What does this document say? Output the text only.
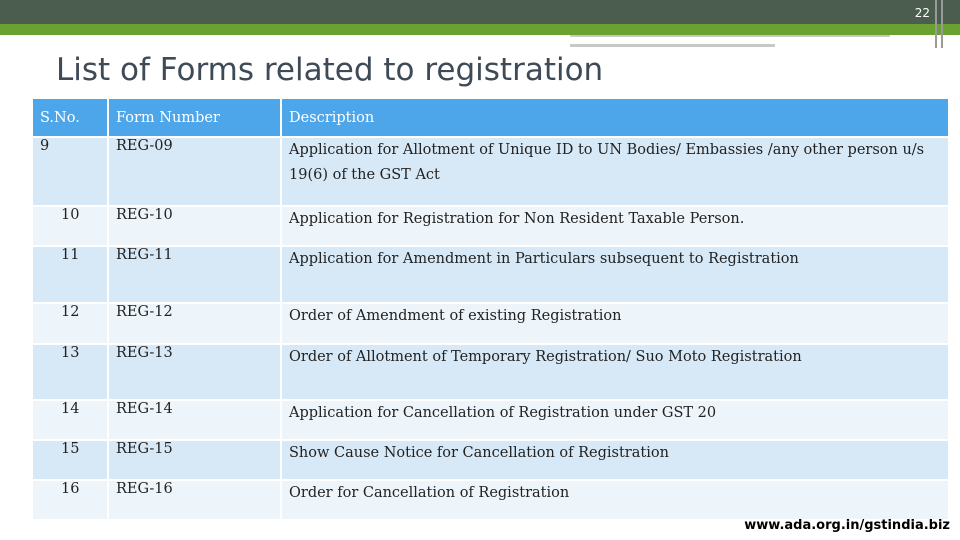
22
List of Forms related to registration
S.No.	Form Number	Description
9	REG-09	Application for Allotment of Unique ID to UN Bodies/ Embassies /any other person u/s 19(6) of the GST Act
10	REG-10	Application for Registration for Non Resident Taxable Person.
11	REG-11	Application for Amendment in Particulars subsequent to Registration
12	REG-12	Order of Amendment of existing Registration
13	REG-13	Order of Allotment of Temporary Registration/ Suo Moto Registration
14	REG-14	Application for Cancellation of Registration under GST 20
15	REG-15	Show Cause Notice for Cancellation of Registration
16	REG-16	Order for Cancellation of Registration
www.ada.org.in/gstindia.biz
